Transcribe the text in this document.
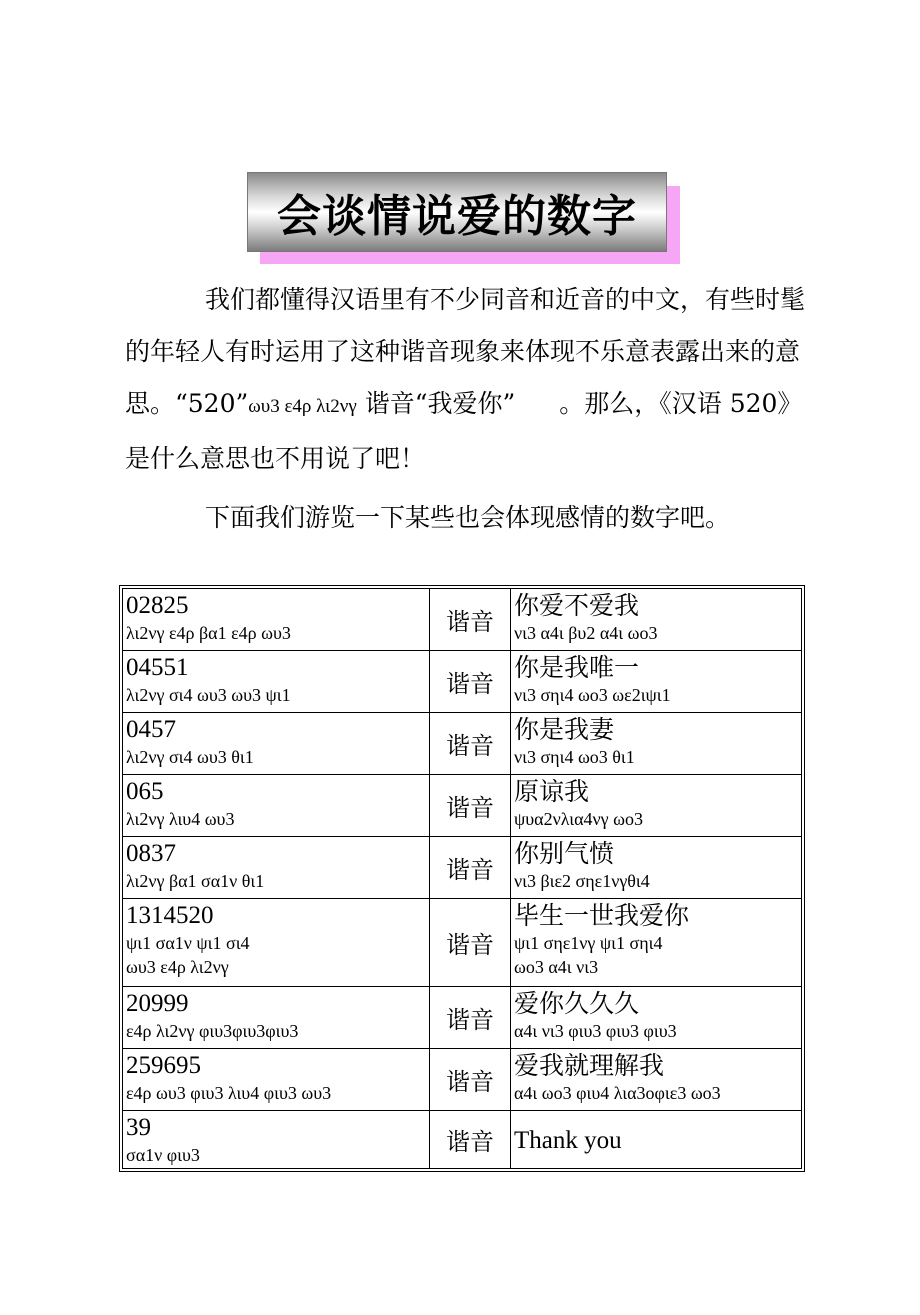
会谈情说爱的数字

我们都懂得汉语里有不少同音和近音的中文，有些时髦的年轻人有时运用了这种谐音现象来体现不乐意表露出来的意思。“520”ωυ3 ε4ρ λι2νγ 谐音“我爱你” 。那么，《汉语 520》是什么意思也不用说了吧！

下面我们游览一下某些也会体现感情的数字吧。

02825
λι2νγ ε4ρ βα1 ε4ρ ωυ3	谐音	你爱不爱我
νι3 α4ι βυ2 α4ι ωο3

04551
λι2νγ σι4 ωυ3 ωυ3 ψι1	谐音	你是我唯一
νι3 σηι4 ωο3 ωε2ιψι1

0457
λι2νγ σι4 ωυ3 θι1	谐音	你是我妻
νι3 σηι4 ωο3 θι1

065
λι2νγ λιυ4 ωυ3	谐音	原谅我
ψυα2νλια4νγ ωο3

0837
λι2νγ βα1 σα1ν θι1	谐音	你别气愤
νι3 βιε2 σηε1νγθι4

1314520
ψι1 σα1ν ψι1 σι4
ωυ3 ε4ρ λι2νγ	谐音	毕生一世我爱你
ψι1 σηε1νγ ψι1 σηι4
ωο3 α4ι νι3

20999
ε4ρ λι2νγ φιυ3φιυ3φιυ3	谐音	爱你久久久
α4ι νι3 φιυ3 φιυ3 φιυ3

259695
ε4ρ ωυ3 φιυ3 λιυ4 φιυ3 ωυ3	谐音	爱我就理解我
α4ι ωο3 φιυ4 λια3οφιε3 ωο3

39
σα1ν φιυ3	谐音	Thank you
